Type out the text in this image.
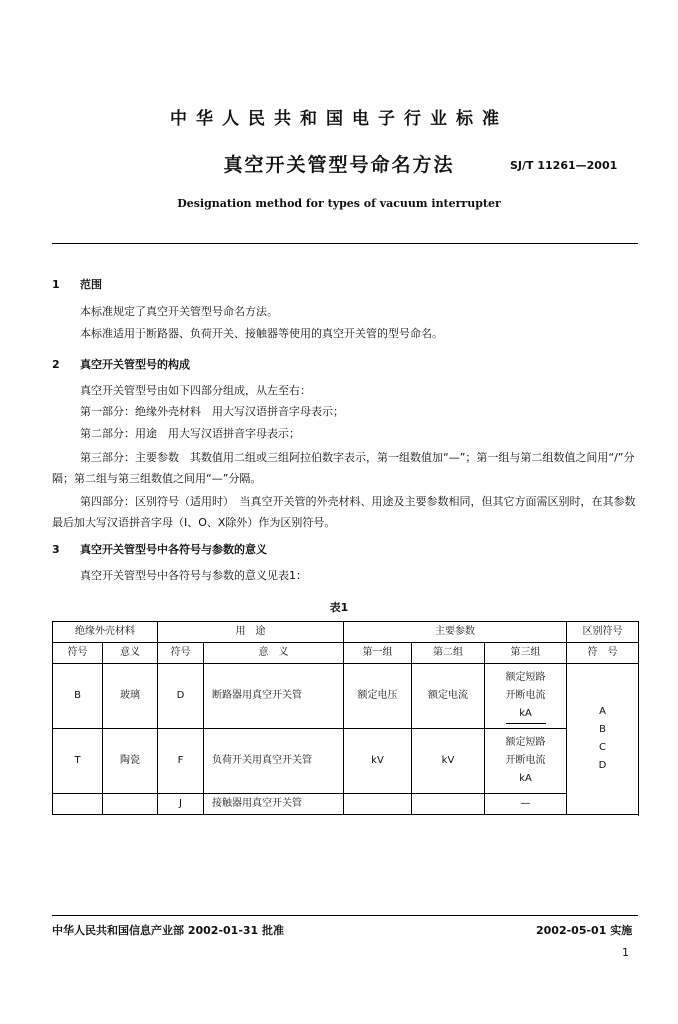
中华人民共和国电子行业标准
真空开关管型号命名方法	SJ/T 11261—2001
Designation method for types of vacuum interrupter
1 范围
本标准规定了真空开关管型号命名方法。
本标准适用于断路器、负荷开关、接触器等使用的真空开关管的型号命名。
2 真空开关管型号的构成
真空开关管型号由如下四部分组成，从左至右：
第一部分：绝缘外壳材料　用大写汉语拼音字母表示；
第二部分：用途　用大写汉语拼音字母表示；
第三部分：主要参数　其数值用二组或三组阿拉伯数字表示，第一组数值加“—”；第一组与第二组数值之间用“/”分隔；第二组与第三组数值之间用“—”分隔。
第四部分：区别符号（适用时）　当真空开关管的外壳材料、用途及主要参数相同，但其它方面需区别时，在其参数最后加大写汉语拼音字母（I、O、X除外）作为区别符号。
3 真空开关管型号中各符号与参数的意义
真空开关管型号中各符号与参数的意义见表1：
表1
绝缘外壳材料		用　途		主要参数			区别符号
符号	意义	符号	意　义	第一组	第二组	第三组	符　号
B	玻璃	D	断路器用真空开关管	额定电压	额定电流	额定短路
开断电流
kA	A
B
C
D

T	陶瓷	F	负荷开关用真空开关管	kV	kV	额定短路
开断电流
kA	

		J	接触器用真空开关管			—	

中华人民共和国信息产业部 2002-01-31 批准	2002-05-01 实施
1
